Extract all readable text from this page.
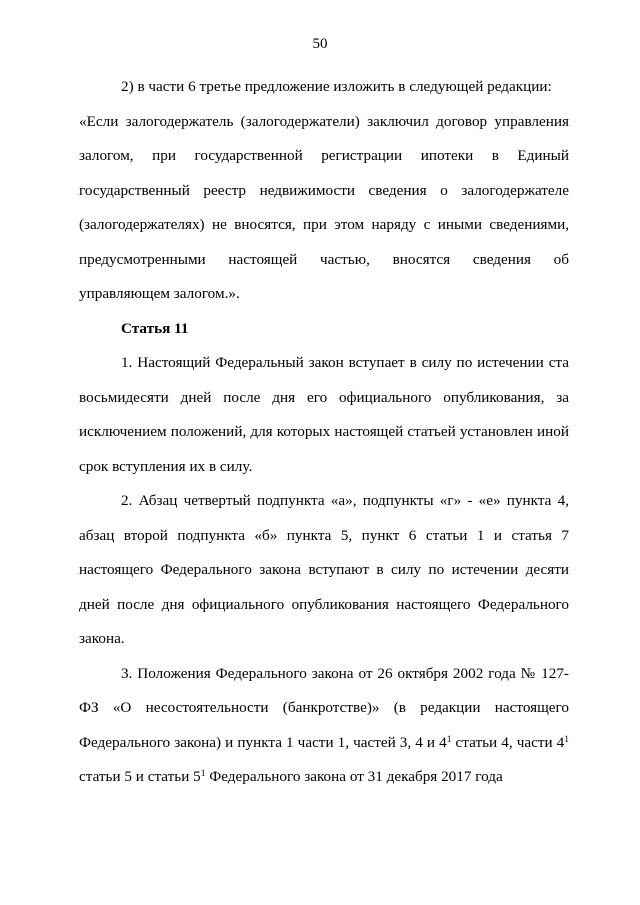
50

2) в части 6 третье предложение изложить в следующей редакции:

«Если залогодержатель (залогодержатели) заключил договор управления залогом, при государственной регистрации ипотеки в Единый государственный реестр недвижимости сведения о залогодержателе (залогодержателях) не вносятся, при этом наряду с иными сведениями, предусмотренными настоящей частью, вносятся сведения об управляющем залогом.».

Статья 11

1. Настоящий Федеральный закон вступает в силу по истечении ста восьмидесяти дней после дня его официального опубликования, за исключением положений, для которых настоящей статьей установлен иной срок вступления их в силу.

2. Абзац четвертый подпункта «а», подпункты «г» - «е» пункта 4, абзац второй подпункта «б» пункта 5, пункт 6 статьи 1 и статья 7 настоящего Федерального закона вступают в силу по истечении десяти дней после дня официального опубликования настоящего Федерального закона.

3. Положения Федерального закона от 26 октября 2002 года № 127-ФЗ «О несостоятельности (банкротстве)» (в редакции настоящего Федерального закона) и пункта 1 части 1, частей 3, 4 и $4^1$ статьи 4, части $4^1$ статьи 5 и статьи $5^1$ Федерального закона от 31 декабря 2017 года
